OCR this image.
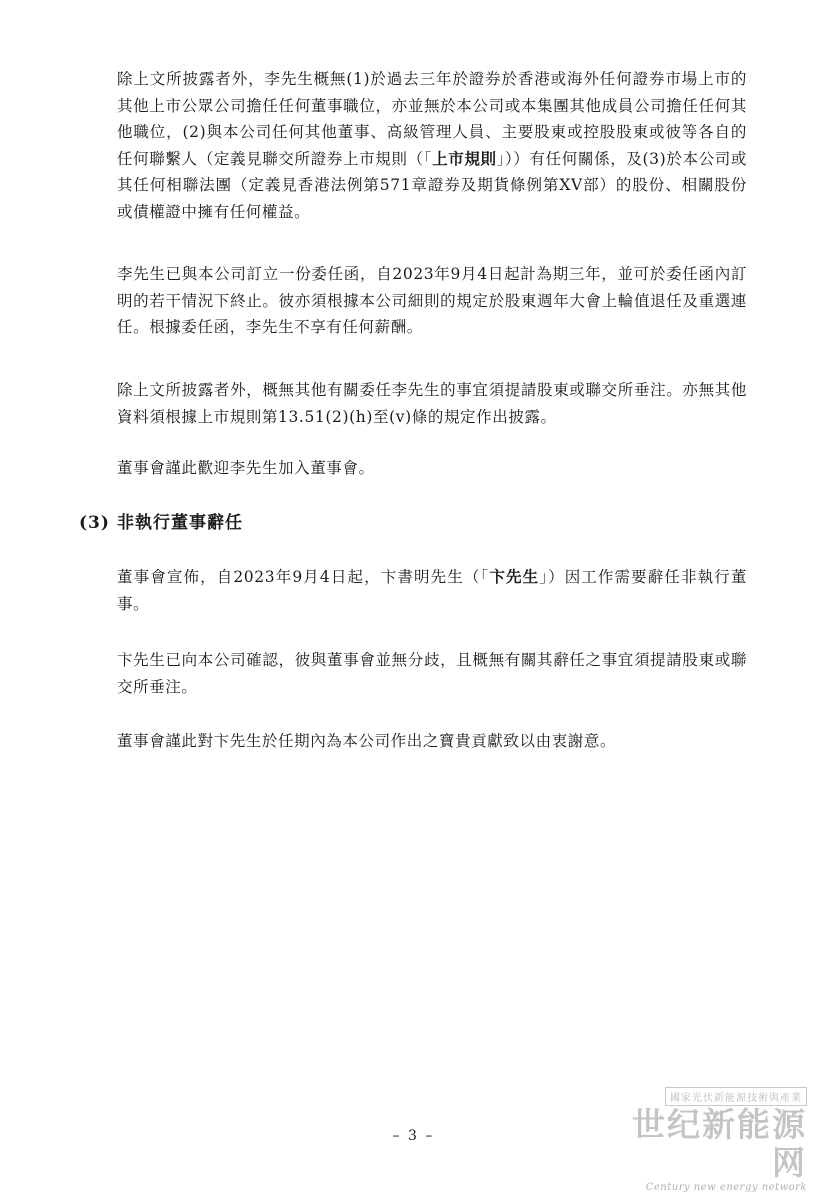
除上文所披露者外，李先生概無(1)於過去三年於證券於香港或海外任何證券市場上市的其他上市公眾公司擔任任何董事職位，亦並無於本公司或本集團其他成員公司擔任任何其他職位，(2)與本公司任何其他董事、高級管理人員、主要股東或控股股東或彼等各自的任何聯繫人（定義見聯交所證券上市規則（「上市規則」））有任何關係，及(3)於本公司或其任何相聯法團（定義見香港法例第571章證券及期貨條例第XV部）的股份、相關股份或債權證中擁有任何權益。

李先生已與本公司訂立一份委任函，自2023年9月4日起計為期三年，並可於委任函內訂明的若干情況下終止。彼亦須根據本公司細則的規定於股東週年大會上輪值退任及重選連任。根據委任函，李先生不享有任何薪酬。

除上文所披露者外，概無其他有關委任李先生的事宜須提請股東或聯交所垂注。亦無其他資料須根據上市規則第13.51(2)(h)至(v)條的規定作出披露。

董事會謹此歡迎李先生加入董事會。

(3) 非執行董事辭任

董事會宣佈，自2023年9月4日起，卞書明先生（「卞先生」）因工作需要辭任非執行董事。

卞先生已向本公司確認，彼與董事會並無分歧，且概無有關其辭任之事宜須提請股東或聯交所垂注。

董事會謹此對卞先生於任期內為本公司作出之寶貴貢獻致以由衷謝意。

– 3 –
國家光伏新能源技術與產業
世纪新能源网
Century new energy network
